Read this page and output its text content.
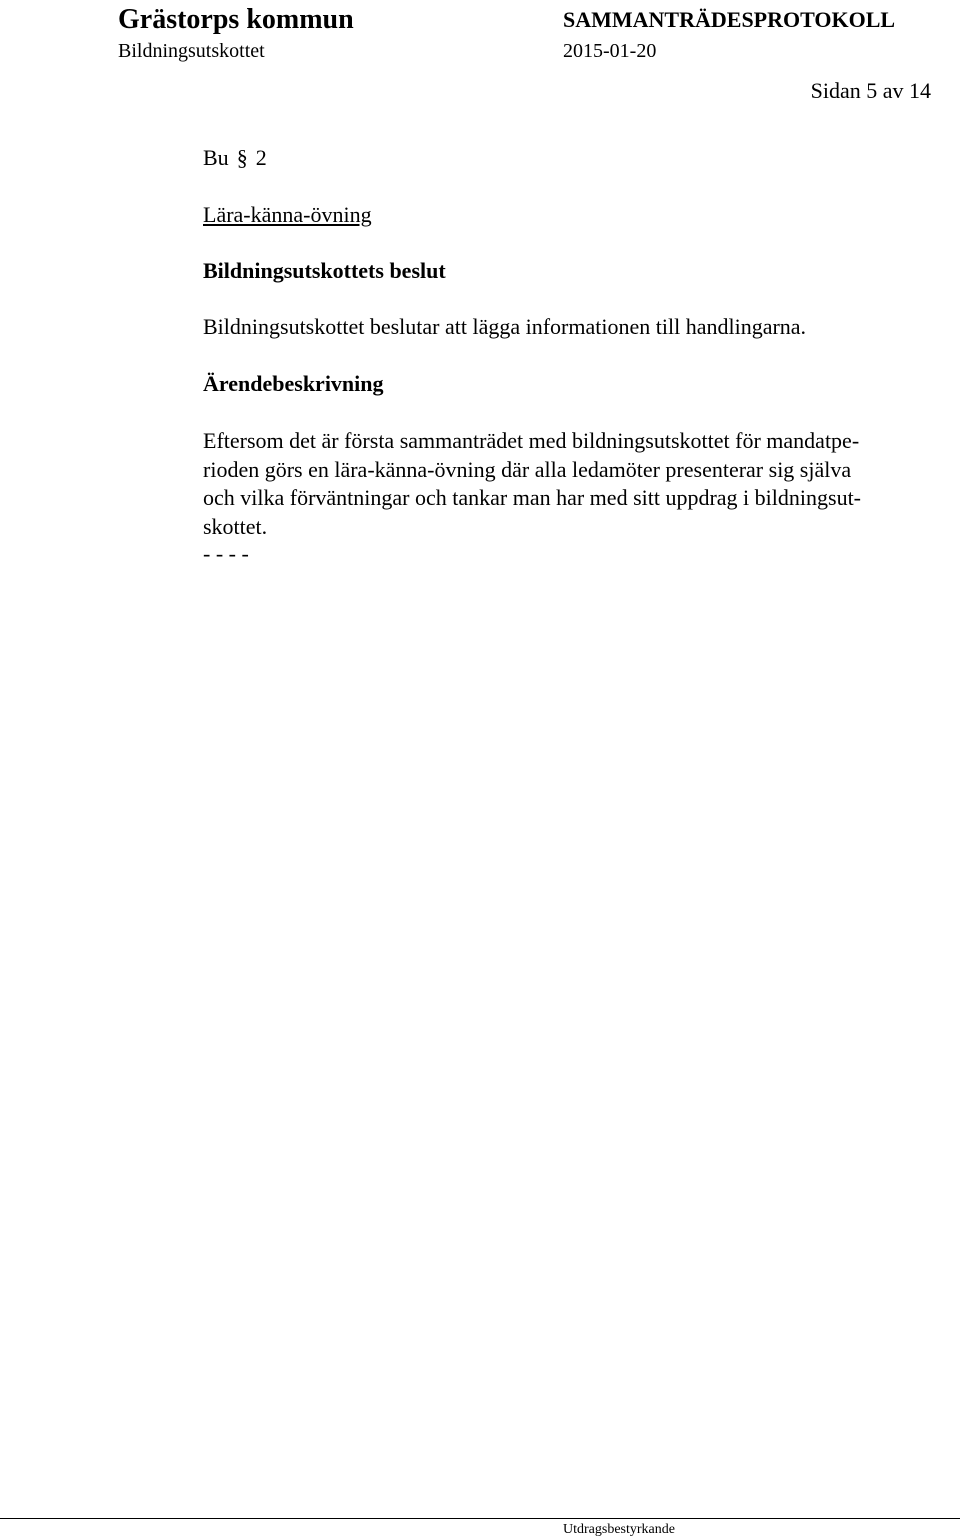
Grästorps kommun
Bildningsutskottet
SAMMANTRÄDESPROTOKOLL
2015-01-20
Sidan 5 av 14
Bu § 2
Lära-känna-övning
Bildningsutskottets beslut
Bildningsutskottet beslutar att lägga informationen till handlingarna.
Ärendebeskrivning
Eftersom det är första sammanträdet med bildningsutskottet för mandatpe-
rioden görs en lära-känna-övning där alla ledamöter presenterar sig själva
och vilka förväntningar och tankar man har med sitt uppdrag i bildningsut-
skottet.
- - - -
Utdragsbestyrkande
